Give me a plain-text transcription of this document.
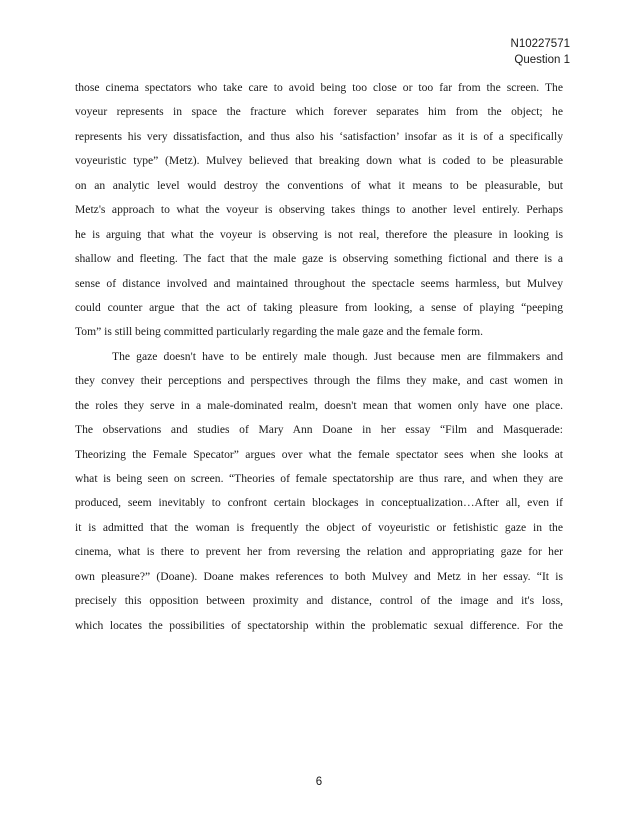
N10227571
Question 1
those cinema spectators who take care to avoid being too close or too far from the screen. The
voyeur represents in space the fracture which forever separates him from the object; he
represents his very dissatisfaction, and thus also his ‘satisfaction’ insofar as it is of a specifically
voyeuristic type” (Metz). Mulvey believed that breaking down what is coded to be pleasurable
on an analytic level would destroy the conventions of what it means to be pleasurable, but
Metz's approach to what the voyeur is observing takes things to another level entirely. Perhaps
he is arguing that what the voyeur is observing is not real, therefore the pleasure in looking is
shallow and fleeting. The fact that the male gaze is observing something fictional and there is a
sense of distance involved and maintained throughout the spectacle seems harmless, but Mulvey
could counter argue that the act of taking pleasure from looking, a sense of playing “peeping
Tom” is still being committed particularly regarding the male gaze and the female form.
The gaze doesn't have to be entirely male though. Just because men are filmmakers and
they convey their perceptions and perspectives through the films they make, and cast women in
the roles they serve in a male-dominated realm, doesn't mean that women only have one place.
The observations and studies of Mary Ann Doane in her essay “Film and Masquerade:
Theorizing the Female Specator” argues over what the female spectator sees when she looks at
what is being seen on screen. “Theories of female spectatorship are thus rare, and when they are
produced, seem inevitably to confront certain blockages in conceptualization…After all, even if
it is admitted that the woman is frequently the object of voyeuristic or fetishistic gaze in the
cinema, what is there to prevent her from reversing the relation and appropriating gaze for her
own pleasure?” (Doane). Doane makes references to both Mulvey and Metz in her essay. “It is
precisely this opposition between proximity and distance, control of the image and it's loss,
which locates the possibilities of spectatorship within the problematic sexual difference. For the
6
